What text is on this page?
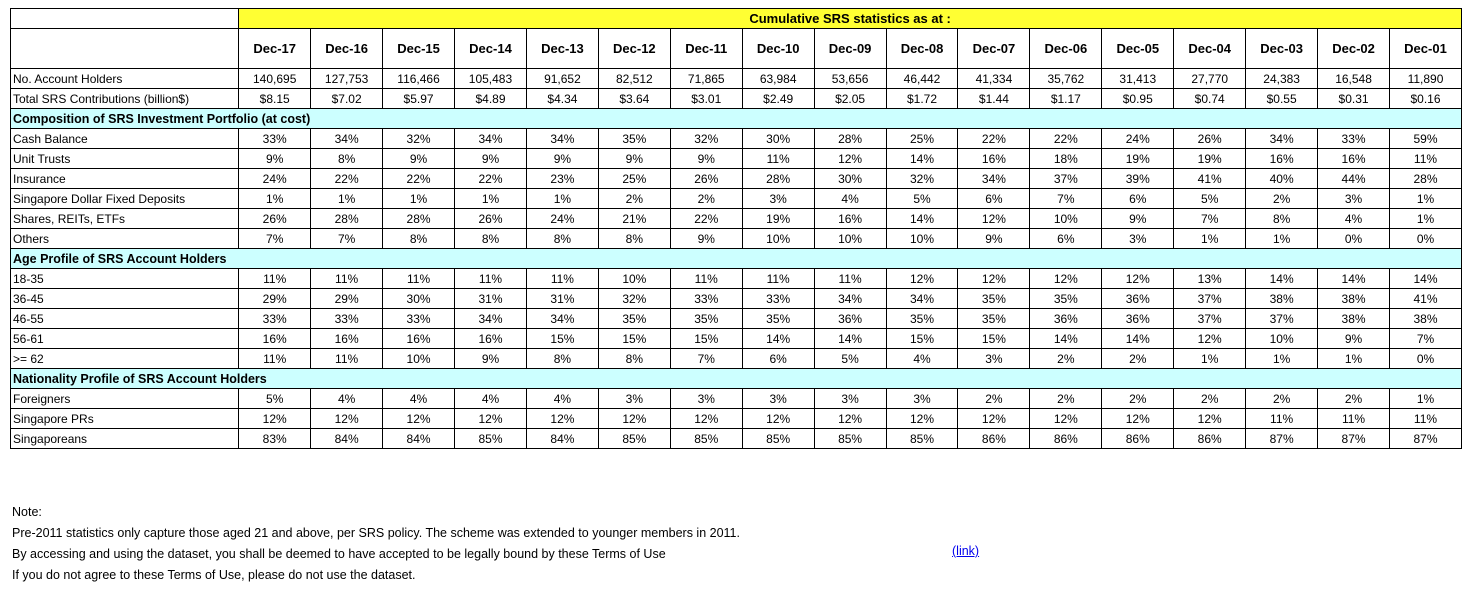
	Cumulative SRS statistics as at :																
	Dec-17	Dec-16	Dec-15	Dec-14	Dec-13	Dec-12	Dec-11	Dec-10	Dec-09	Dec-08	Dec-07	Dec-06	Dec-05	Dec-04	Dec-03	Dec-02	Dec-01
No. Account Holders	140,695	127,753	116,466	105,483	91,652	82,512	71,865	63,984	53,656	46,442	41,334	35,762	31,413	27,770	24,383	16,548	11,890
Total SRS Contributions (billion$)	$8.15	$7.02	$5.97	$4.89	$4.34	$3.64	$3.01	$2.49	$2.05	$1.72	$1.44	$1.17	$0.95	$0.74	$0.55	$0.31	$0.16
Composition of SRS Investment Portfolio (at cost)																	
Cash Balance	33%	34%	32%	34%	34%	35%	32%	30%	28%	25%	22%	22%	24%	26%	34%	33%	59%
Unit Trusts	9%	8%	9%	9%	9%	9%	9%	11%	12%	14%	16%	18%	19%	19%	16%	16%	11%
Insurance	24%	22%	22%	22%	23%	25%	26%	28%	30%	32%	34%	37%	39%	41%	40%	44%	28%
Singapore Dollar Fixed Deposits	1%	1%	1%	1%	1%	2%	2%	3%	4%	5%	6%	7%	6%	5%	2%	3%	1%
Shares, REITs, ETFs	26%	28%	28%	26%	24%	21%	22%	19%	16%	14%	12%	10%	9%	7%	8%	4%	1%
Others	7%	7%	8%	8%	8%	8%	9%	10%	10%	10%	9%	6%	3%	1%	1%	0%	0%
Age Profile of SRS Account Holders																	
18-35	11%	11%	11%	11%	11%	10%	11%	11%	11%	12%	12%	12%	12%	13%	14%	14%	14%
36-45	29%	29%	30%	31%	31%	32%	33%	33%	34%	34%	35%	35%	36%	37%	38%	38%	41%
46-55	33%	33%	33%	34%	34%	35%	35%	35%	36%	35%	35%	36%	36%	37%	37%	38%	38%
56-61	16%	16%	16%	16%	15%	15%	15%	14%	14%	15%	15%	14%	14%	12%	10%	9%	7%
>= 62	11%	11%	10%	9%	8%	8%	7%	6%	5%	4%	3%	2%	2%	1%	1%	1%	0%
Nationality Profile of SRS Account Holders																	
Foreigners	5%	4%	4%	4%	4%	3%	3%	3%	3%	3%	2%	2%	2%	2%	2%	2%	1%
Singapore PRs	12%	12%	12%	12%	12%	12%	12%	12%	12%	12%	12%	12%	12%	12%	11%	11%	11%
Singaporeans	83%	84%	84%	85%	84%	85%	85%	85%	85%	85%	86%	86%	86%	86%	87%	87%	87%
Note:
Pre-2011 statistics only capture those aged 21 and above, per SRS policy. The scheme was extended to younger members in 2011.
By accessing and using the dataset, you shall be deemed to have accepted to be legally bound by these Terms of Use
If you do not agree to these Terms of Use, please do not use the dataset.
(link)
